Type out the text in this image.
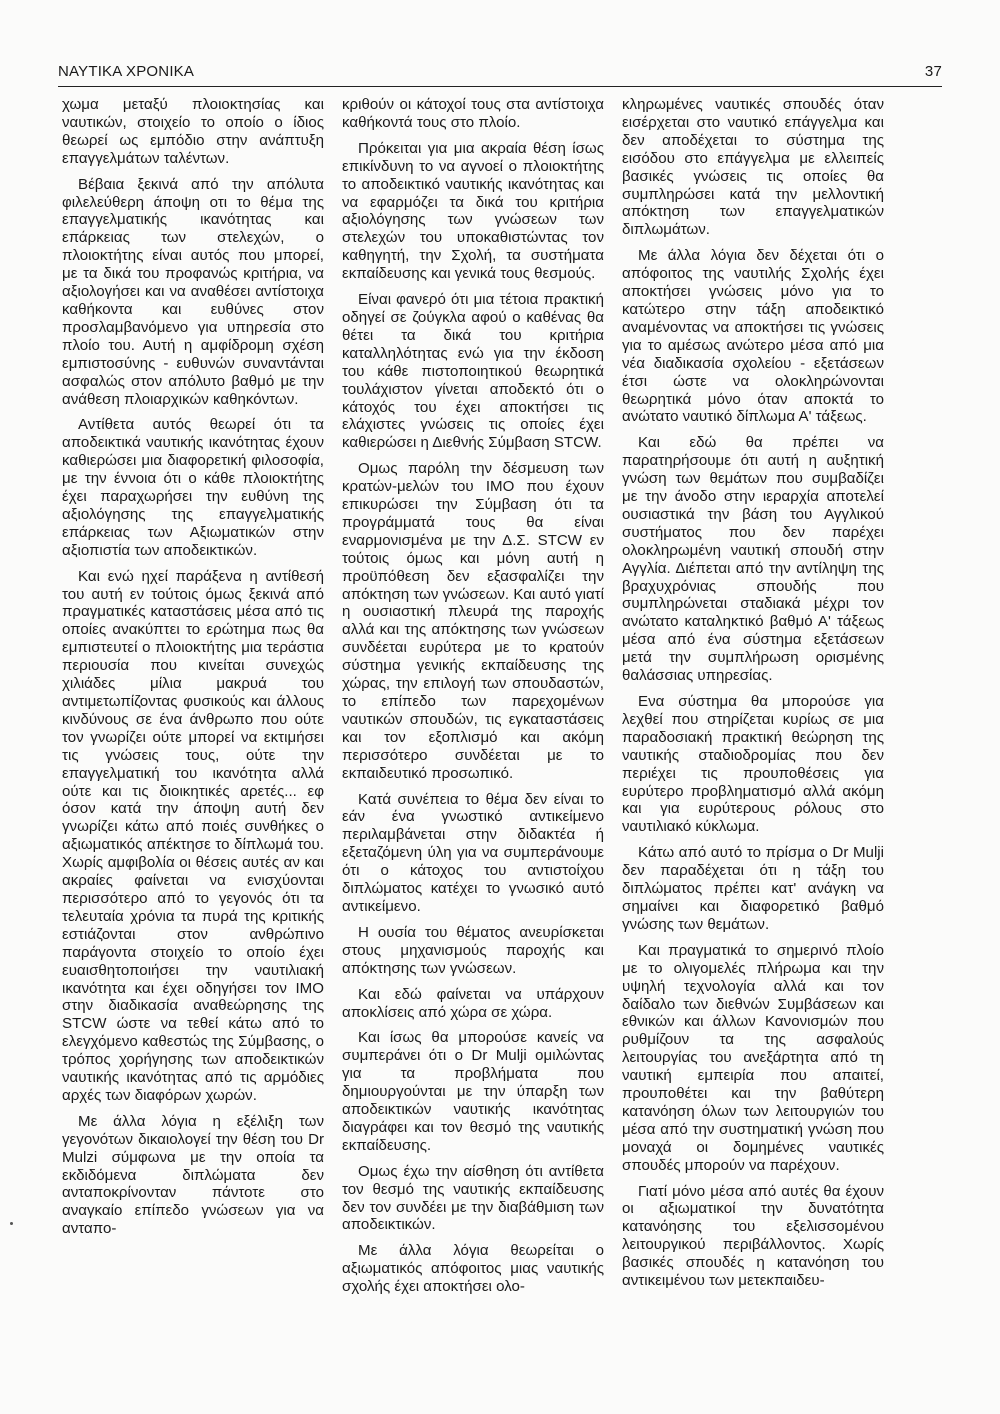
ΝΑΥΤΙΚΑ ΧΡΟΝΙΚΑ	37

χωμα μεταξύ πλοιοκτησίας και ναυτικών, στοιχείο το οποίο ο ίδιος θεωρεί ως εμπόδιο στην ανάπτυξη επαγγελμάτων ταλέντων.

Βέβαια ξεκινά από την απόλυτα φιλελεύθερη άποψη οτι το θέμα της επαγγελματικής ικανότητας και επάρκειας των στελεχών, ο πλοιοκτήτης είναι αυτός που μπορεί, με τα δικά του προφανώς κριτήρια, να αξιολογήσει και να αναθέσει αντίστοιχα καθήκοντα και ευθύνες στον προσλαμβανόμενο για υπηρεσία στο πλοίο του. Αυτή η αμφίδρομη σχέση εμπιστοσύνης - ευθυνών συναντάνται ασφαλώς στον απόλυτο βαθμό με την ανάθεση πλοιαρχικών καθηκόντων.

Αντίθετα αυτός θεωρεί ότι τα αποδεικτικά ναυτικής ικανότητας έχουν καθιερώσει μια διαφορετική φιλοσοφία, με την έννοια ότι ο κάθε πλοιοκτήτης έχει παραχωρήσει την ευθύνη της αξιολόγησης της επαγγελματικής επάρκειας των Αξιωματικών στην αξιοπιστία των αποδεικτικών.

Και ενώ ηχεί παράξενα η αντίθεσή του αυτή εν τούτοις όμως ξεκινά από πραγματικές καταστάσεις μέσα από τις οποίες ανακύπτει το ερώτημα πως θα εμπιστευτεί ο πλοιοκτήτης μια τεράστια περιουσία που κινείται συνεχώς χιλιάδες μίλια μακρυά του αντιμετωπίζοντας φυσικούς και άλλους κινδύνους σε ένα άνθρωπο που ούτε τον γνωρίζει ούτε μπορεί να εκτιμήσει τις γνώσεις τους, ούτε την επαγγελματική του ικανότητα αλλά ούτε και τις διοικητικές αρετές... εφ όσον κατά την άποψη αυτή δεν γνωρίζει κάτω από ποιές συνθήκες ο αξιωματικός απέκτησε το δίπλωμά του. Χωρίς αμφιβολία οι θέσεις αυτές αν και ακραίες φαίνεται να ενισχύονται περισσότερο από το γεγονός ότι τα τελευταία χρόνια τα πυρά της κριτικής εστιάζονται στον ανθρώπινο παράγοντα στοιχείο το οποίο έχει ευαισθητοποιήσει την ναυτιλιακή ικανότητα και έχει οδηγήσει τον ΙΜΟ στην διαδικασία αναθεώρησης της STCW ώστε να τεθεί κάτω από το ελεγχόμενο καθεστώς της Σύμβασης, ο τρόπος χορήγησης των αποδεικτικών ναυτικής ικανότητας από τις αρμόδιες αρχές των διαφόρων χωρών.

Με άλλα λόγια η εξέλιξη των γεγονότων δικαιολογεί την θέση του Dr Mulzi σύμφωνα με την οποία τα εκδιδόμενα διπλώματα δεν ανταποκρίνονταν πάντοτε στο αναγκαίο επίπεδο γνώσεων για να ανταπο-

κριθούν οι κάτοχοί τους στα αντίστοιχα καθήκοντά τους στο πλοίο.

Πρόκειται για μια ακραία θέση ίσως επικίνδυνη το να αγνοεί ο πλοιοκτήτης το αποδεικτικό ναυτικής ικανότητας και να εφαρμόζει τα δικά του κριτήρια αξιολόγησης των γνώσεων των στελεχών του υποκαθιστώντας τον καθηγητή, την Σχολή, τα συστήματα εκπαίδευσης και γενικά τους θεσμούς.

Είναι φανερό ότι μια τέτοια πρακτική οδηγεί σε ζούγκλα αφού ο καθένας θα θέτει τα δικά του κριτήρια καταλληλότητας ενώ για την έκδοση του κάθε πιστοποιητικού θεωρητικά τουλάχιστον γίνεται αποδεκτό ότι ο κάτοχός του έχει αποκτήσει τις ελάχιστες γνώσεις τις οποίες έχει καθιερώσει η Διεθνής Σύμβαση STCW.

Ομως παρόλη την δέσμευση των κρατών-μελών του ΙΜΟ που έχουν επικυρώσει την Σύμβαση ότι τα προγράμματά τους θα είναι εναρμονισμένα με την Δ.Σ. STCW εν τούτοις όμως και μόνη αυτή η προϋπόθεση δεν εξασφαλίζει την απόκτηση των γνώσεων. Και αυτό γιατί η ουσιαστική πλευρά της παροχής αλλά και της απόκτησης των γνώσεων συνδέεται ευρύτερα με το κρατούν σύστημα γενικής εκπαίδευσης της χώρας, την επιλογή των σπουδαστών, το επίπεδο των παρεχομένων ναυτικών σπουδών, τις εγκαταστάσεις και τον εξοπλισμό και ακόμη περισσότερο συνδέεται με το εκπαιδευτικό προσωπικό.

Κατά συνέπεια το θέμα δεν είναι το εάν ένα γνωστικό αντικείμενο περιλαμβάνεται στην διδακτέα ή εξεταζόμενη ύλη για να συμπεράνουμε ότι ο κάτοχος του αντιστοίχου διπλώματος κατέχει το γνωσικό αυτό αντικείμενο.

Η ουσία του θέματος ανευρίσκεται στους μηχανισμούς παροχής και απόκτησης των γνώσεων.

Και εδώ φαίνεται να υπάρχουν αποκλίσεις από χώρα σε χώρα.

Και ίσως θα μπορούσε κανείς να συμπεράνει ότι ο Dr Mulji ομιλώντας για τα προβλήματα που δημιουργούνται με την ύπαρξη των αποδεικτικών ναυτικής ικανότητας διαγράφει και τον θεσμό της ναυτικής εκπαίδευσης.

Ομως έχω την αίσθηση ότι αντίθετα τον θεσμό της ναυτικής εκπαίδευσης δεν τον συνδέει με την διαβάθμιση των αποδεικτικών.

Με άλλα λόγια θεωρείται ο αξιωματικός απόφοιτος μιας ναυτικής σχολής έχει αποκτήσει ολο-

κληρωμένες ναυτικές σπουδές όταν εισέρχεται στο ναυτικό επάγγελμα και δεν αποδέχεται το σύστημα της εισόδου στο επάγγελμα με ελλειπείς βασικές γνώσεις τις οποίες θα συμπληρώσει κατά την μελλοντική απόκτηση των επαγγελματικών διπλωμάτων.

Με άλλα λόγια δεν δέχεται ότι ο απόφοιτος της ναυτιλής Σχολής έχει αποκτήσει γνώσεις μόνο για το κατώτερο στην τάξη αποδεικτικό αναμένοντας να αποκτήσει τις γνώσεις για το αμέσως ανώτερο μέσα από μια νέα διαδικασία σχολείου - εξετάσεων έτσι ώστε να ολοκληρώνονται θεωρητικά μόνο όταν αποκτά το ανώτατο ναυτικό δίπλωμα Α' τάξεως.

Και εδώ θα πρέπει να παρατηρήσουμε ότι αυτή η αυξητική γνώση των θεμάτων που συμβαδίζει με την άνοδο στην ιεραρχία αποτελεί ουσιαστικά την βάση του Αγγλικού συστήματος που δεν παρέχει ολοκληρωμένη ναυτική σπουδή στην Αγγλία. Διέπεται από την αντίληψη της βραχυχρόνιας σπουδής που συμπληρώνεται σταδιακά μέχρι τον ανώτατο καταληκτικό βαθμό Α' τάξεως μέσα από ένα σύστημα εξετάσεων μετά την συμπλήρωση ορισμένης θαλάσσιας υπηρεσίας.

Ενα σύστημα θα μπορούσε για λεχθεί που στηρίζεται κυρίως σε μια παραδοσιακή πρακτική θεώρηση της ναυτικής σταδιοδρομίας που δεν περιέχει τις προυποθέσεις για ευρύτερο προβληματισμό αλλά ακόμη και για ευρύτερους ρόλους στο ναυτιλιακό κύκλωμα.

Κάτω από αυτό το πρίσμα ο Dr Mulji δεν παραδέχεται ότι η τάξη του διπλώματος πρέπει κατ' ανάγκη να σημαίνει και διαφορετικό βαθμό γνώσης των θεμάτων.

Και πραγματικά το σημερινό πλοίο με το ολιγομελές πλήρωμα και την υψηλή τεχνολογία αλλά και τον δαίδαλο των διεθνών Συμβάσεων και εθνικών και άλλων Κανονισμών που ρυθμίζουν τα της ασφαλούς λειτουργίας του ανεξάρτητα από τη ναυτική εμπειρία που απαιτεί, προυποθέτει και την βαθύτερη κατανόηση όλων των λειτουργιών του μέσα από την συστηματική γνώση που μοναχά οι δομημένες ναυτικές σπουδές μπορούν να παρέχουν.

Γιατί μόνο μέσα από αυτές θα έχουν οι αξιωματικοί την δυνατότητα κατανόησης του εξελισσομένου λειτουργικού περιβάλλοντος. Χωρίς βασικές σπουδές η κατανόηση του αντικειμένου των μετεκπαιδευ-
